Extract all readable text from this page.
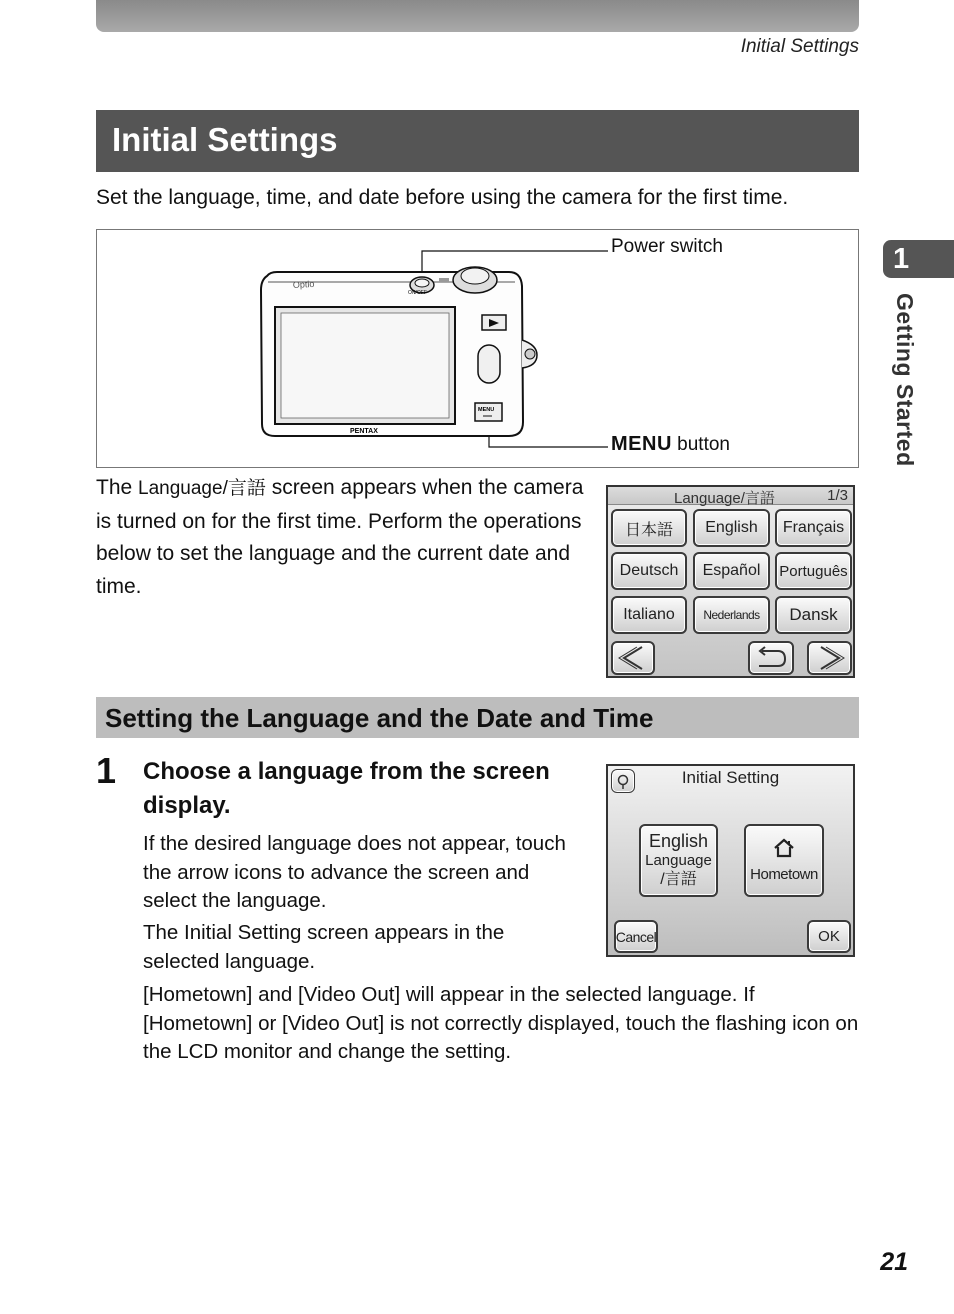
Initial Settings
Initial Settings
Set the language, time, and date before using the camera for the first time.
ON/OFF
Optio
PENTAX
MENU
Power switch
MENU button
The Language/言語 screen appears when the camera is turned on for the first time. Perform the operations below to set the language and the current date and time.
Language/言語	1/3
日本語	English	Français
Deutsch	Español	Português
Italiano	Nederlands	Dansk
Setting the Language and the Date and Time
1 Choose a language from the screen display.
If the desired language does not appear, touch the arrow icons to advance the screen and select the language.
The Initial Setting screen appears in the selected language.
[Hometown] and [Video Out] will appear in the selected language. If [Hometown] or [Video Out] is not correctly displayed, touch the flashing icon on the LCD monitor and change the setting.
Initial Setting
English
Language
/言語	Hometown
Cancel	OK
1
Getting Started
21
